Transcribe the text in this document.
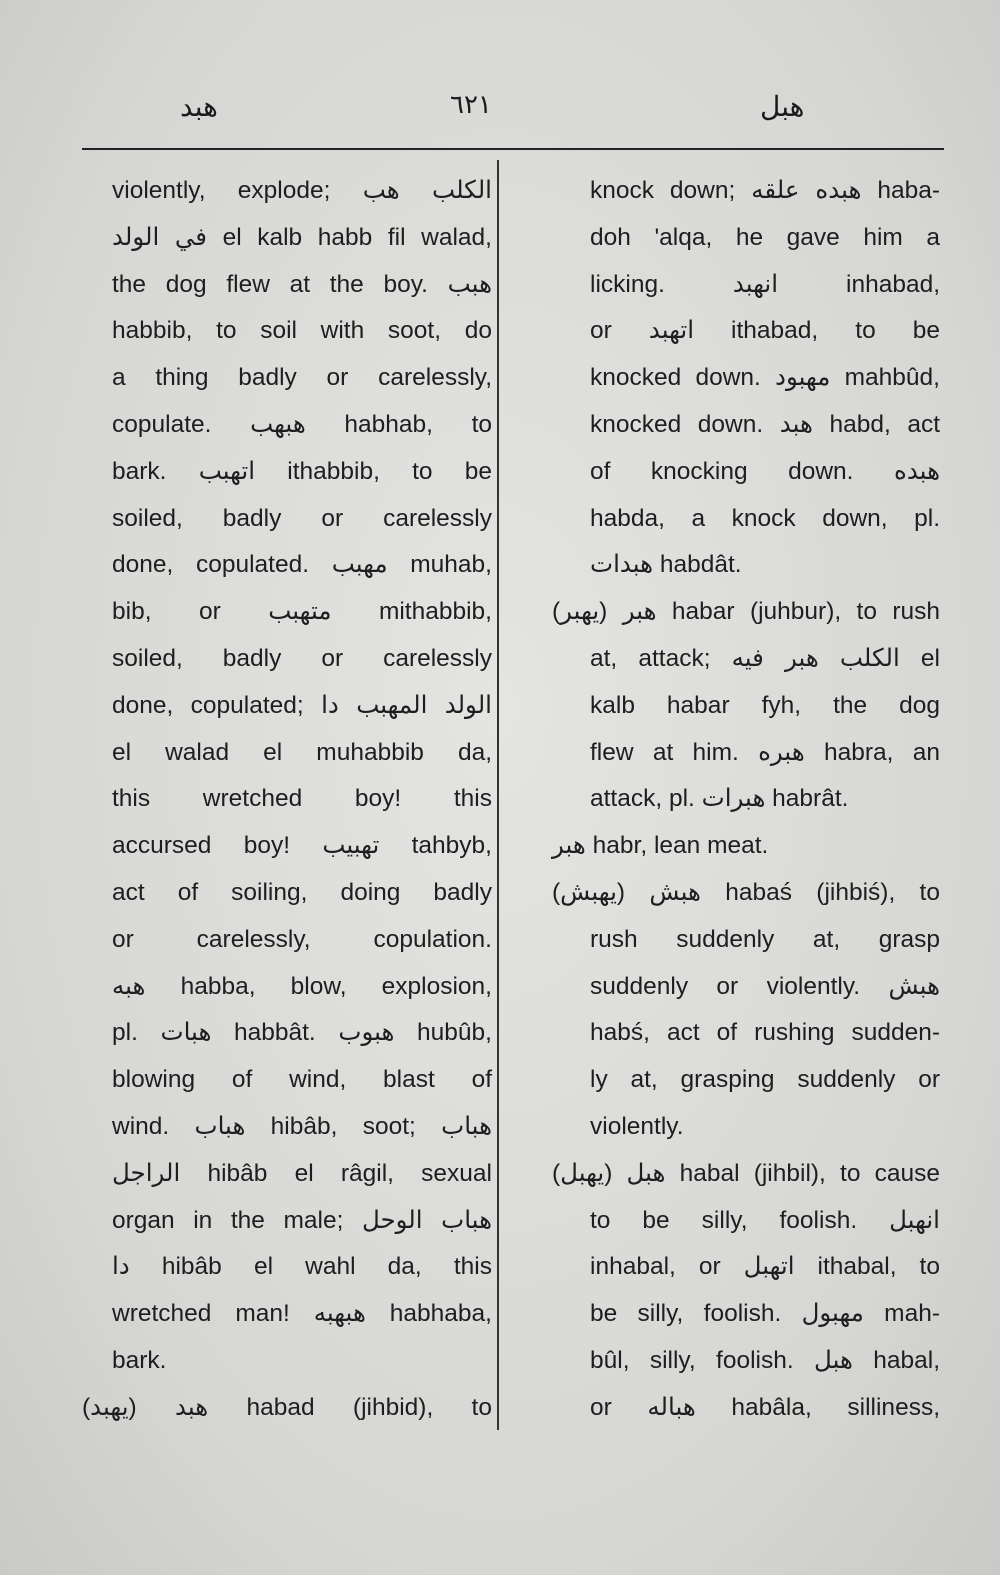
هبد	٦٢١	هبل
violently, explode; الكلب هب
في الولد el kalb habb fil walad,
the dog flew at the boy. هبب
habbib, to soil with soot, do
a thing badly or carelessly,
copulate. هبهب habhab, to
bark. اتهبب ithabbib, to be
soiled, badly or carelessly
done, copulated. مهبب muhab,
bib, or متهبب mithabbib,
soiled, badly or carelessly
done, copulated; الولد المهبب دا
el walad el muhabbib da,
this wretched boy! this
accursed boy! تهبيب tahbyb,
act of soiling, doing badly
or carelessly, copulation.
هبه habba, blow, explosion,
pl. هبات habbât. هبوب hubûb,
blowing of wind, blast of
wind. هباب hibâb, soot; هباب
الراجل hibâb el râgil, sexual
organ in the male; هباب الوحل
دا hibâb el wahl da, this
wretched man! هبهبه habhaba,
bark.
هبد (يهبد) habad (jihbid), to
knock down; هبده علقه haba-
doh 'alqa, he gave him a
licking. انهبد inhabad,
or اتهبد ithabad, to be
knocked down. مهبود mahbûd,
knocked down. هبد habd, act
of knocking down. هبده
habda, a knock down, pl.
هبدات habdât.
هبر (يهبر) habar (juhbur), to rush
at, attack; الكلب هبر فيه el
kalb habar fyh, the dog
flew at him. هبره habra, an
attack, pl. هبرات habrât.
هبر habr, lean meat.
هبش (يهبش) habaś (jihbiś), to
rush suddenly at, grasp
suddenly or violently. هبش
habś, act of rushing sudden-
ly at, grasping suddenly or
violently.
هبل (يهبل) habal (jihbil), to cause
to be silly, foolish. انهبل
inhabal, or اتهبل ithabal, to
be silly, foolish. مهبول mah-
bûl, silly, foolish. هبل habal,
or هباله habâla, silliness,
